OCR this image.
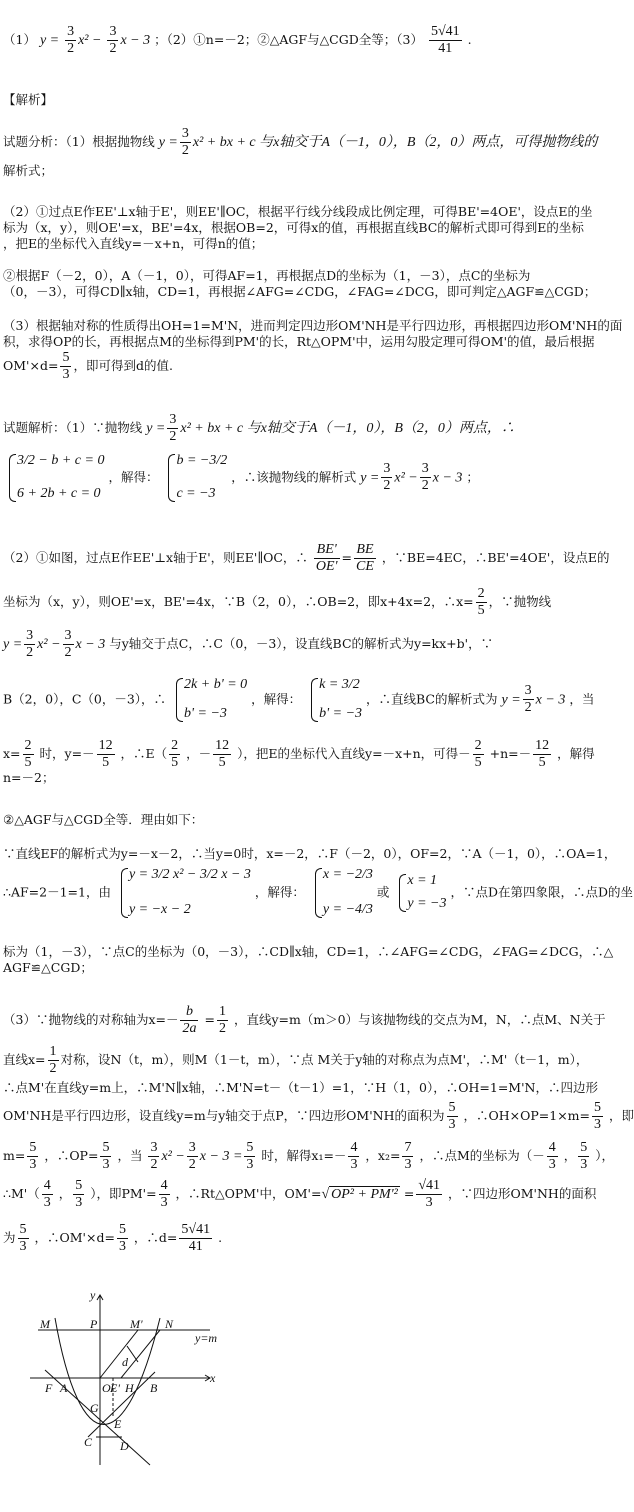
（1） $y = \frac{3}{2} x^2 - \frac{3}{2}$ x − 3 ；（2）①n=－2；②△AGF与△CGD全等；$(3) \frac{5√41}{41}$ .
【解析】
试题分析：（1）根据抛物线 $y = \frac{3}{2} x^2$ + bx + c 与x轴交于A（－1，0），B（2，0）两点，可得抛物线的
解析式；
（2）①过点E作EE'⊥x轴于E'，则EE'∥OC，根据平行线分线段成比例定理，可得BE'=4OE'，设点E的坐
标为（x，y），则OE'=x，BE'=4x，根据OB=2，可得x的值，再根据直线BC的解析式即可得到E的坐标
，把E的坐标代入直线y=－x+n，可得n的值；
②根据F（－2，0），A（－1，0），可得AF=1，再根据点D的坐标为（1，－3），点C的坐标为
（0，－3），可得CD∥x轴，CD=1，再根据∠AFG=∠CDG，∠FAG=∠DCG，即可判定△AGF≌△CGD；
（3）根据轴对称的性质得出OH=1=M'N，进而判定四边形OM'NH是平行四边形，再根据四边形OM'NH的面
积，求得OP的长，再根据点M的坐标得到PM'的长，Rt△OPM'中，运用勾股定理可得OM'的值，最后根据
$OM'\times d= \frac{5}{3}$ ，即可得到d的值.
试题解析：（1）∵抛物线 $y = \frac{3}{2} x^2$ + bx + c 与x轴交于A（－1，0），B（2，0）两点，∴
3/2 − b + c = 0
6 + 2b + c = 0
，解得：
b = −3/2
c = −3
，∴该抛物线的解析式 $y = \frac{3}{2} x^2 - \frac{3}{2}$ x − 3 ；
（2）①如图，过点E作EE'⊥x轴于E'，则EE'∥OC，∴ $\frac{BE'}{OE'} = \frac{BE}{CE}$ ，∵BE=4EC，∴BE'=4OE'，设点E的
坐标为（x，y），则OE'=x，BE'=4x，∵B（2，0），∴OB=2，即x+4x=2，∴x= $\frac{2}{5}$ ，∵抛物线
$y = \frac{3}{2} x^2 - \frac{3}{2}$ x − 3 与y轴交于点C，∴C（0，－3），设直线BC的解析式为y=kx+b'，∵
B（2，0），C（0，－3），∴
2k + b' = 0
b' = −3
，解得：
k = 3/2
b' = −3
，∴直线BC的解析式为 $y = \frac{3}{2}$ x − 3 ，当
$x= \frac{2}{5}$ 时，$y=- \frac{12}{5}$ ，∴E（ $\frac{2}{5}$ ，－ $\frac{12}{5}$ ），把E的坐标代入直线y=－x+n，可得－ $\frac{2}{5} +n=- \frac{12}{5}$ ，解得
n=－2；
②△AGF与△CGD全等．理由如下：
∵直线EF的解析式为y=－x－2，∴当y=0时，x=－2，∴F（－2，0），OF=2，∵A（－1，0），∴OA=1，
∴AF=2－1=1，由
y = 3/2 x² − 3/2 x − 3
y = −x − 2
，解得：
x = −2/3
y = −4/3
或
x = 1
y = −3
，∵点D在第四象限，∴点D的坐
标为（1，－3），∵点C的坐标为（0，－3），∴CD∥x轴，CD=1，∴∠AFG=∠CDG，∠FAG=∠DCG，∴△
AGF≌△CGD；
（3）∵抛物线的对称轴为$x=- \frac{b}{2a} = \frac{1}{2}$ ，直线y=m（m＞0）与该抛物线的交点为M，N，∴点M、N关于
直线$x= \frac{1}{2}$ 对称，设N（t，m），则M（1－t，m），∵点 M关于y轴的对称点为点M'，∴M'（t－1，m），
∴点M'在直线y=m上，∴M'N∥x轴，∴M'N=t－（t－1）=1，∵H（1，0），∴OH=1=M'N，∴四边形
OM'NH是平行四边形，设直线y=m与y轴交于点P，∵四边形OM'NH的面积为 $\frac{5}{3}$ ，∴OH×OP=1×m= $\frac{5}{3}$ ，即
$m= \frac{5}{3}$ ，∴OP= $\frac{5}{3}$ ，当 $\frac{3}{2} x^2 - \frac{3}{2}$ $x - 3 = \frac{5}{3}$ 时，解得$x_1=- \frac{4}{3}$ ，$x_2= \frac{7}{3}$ ，∴点M的坐标为（－ $\frac{4}{3}$ ， $\frac{5}{3}$ ），
∴M'（ $\frac{4}{3}$ ， $\frac{5}{3}$ ），即$PM'= \frac{4}{3}$ ，∴Rt△OPM'中，OM'=√ $OP^2 + PM'^2 = \frac{√41}{3}$ ，∵四边形OM'NH的面积
为 $\frac{5}{3}$ ，∴OM'×d= $\frac{5}{3}$ ，∴d= $\frac{5√41}{41}$ .
y
M	P	M' N
y=m
d
x
F A	O E' H B
G
E
C D
